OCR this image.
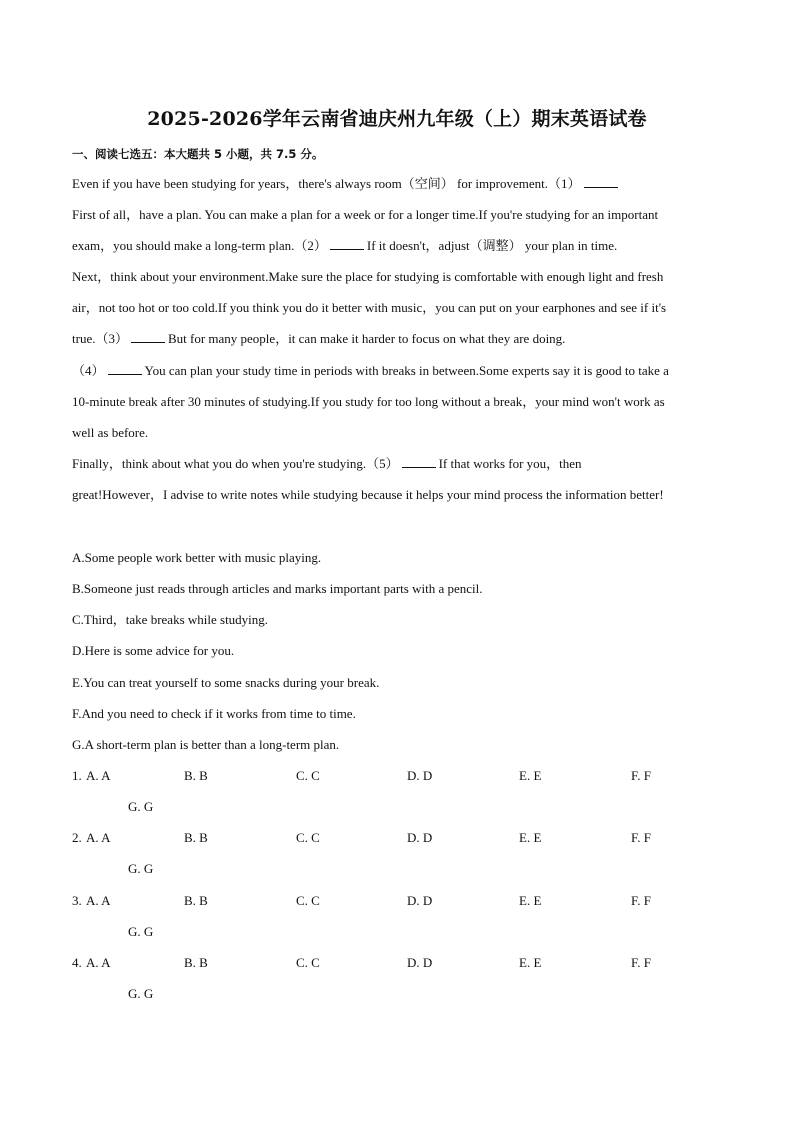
2025-2026学年云南省迪庆州九年级（上）期末英语试卷
一、阅读七选五：本大题共 5 小题，共 7.5 分。
Even if you have been studying for years，there's always room（空间） for improvement.（1）
First of all，have a plan. You can make a plan for a week or for a longer time.If you're studying for an important
exam，you should make a long-term plan.（2）	If it doesn't，adjust（调整） your plan in time.
Next，think about your environment.Make sure the place for studying is comfortable with enough light and fresh
air，not too hot or too cold.If you think you do it better with music，you can put on your earphones and see if it's
true.（3）	But for many people，it can make it harder to focus on what they are doing.
（4）	You can plan your study time in periods with breaks in between.Some experts say it is good to take a
10-minute break after 30 minutes of studying.If you study for too long without a break，your mind won't work as
well as before.
Finally，think about what you do when you're studying.（5）	If that works for you，then
great!However，I advise to write notes while studying because it helps your mind process the information better!
A.Some people work better with music playing.
B.Someone just reads through articles and marks important parts with a pencil.
C.Third，take breaks while studying.
D.Here is some advice for you.
E.You can treat yourself to some snacks during your break.
F.And you need to check if it works from time to time.
G.A short-term plan is better than a long-term plan.
1. A. A	B. B	C. C	D. D	E. E	F. F
G. G
2. A. A	B. B	C. C	D. D	E. E	F. F
G. G
3. A. A	B. B	C. C	D. D	E. E	F. F
G. G
4. A. A	B. B	C. C	D. D	E. E	F. F
G. G
